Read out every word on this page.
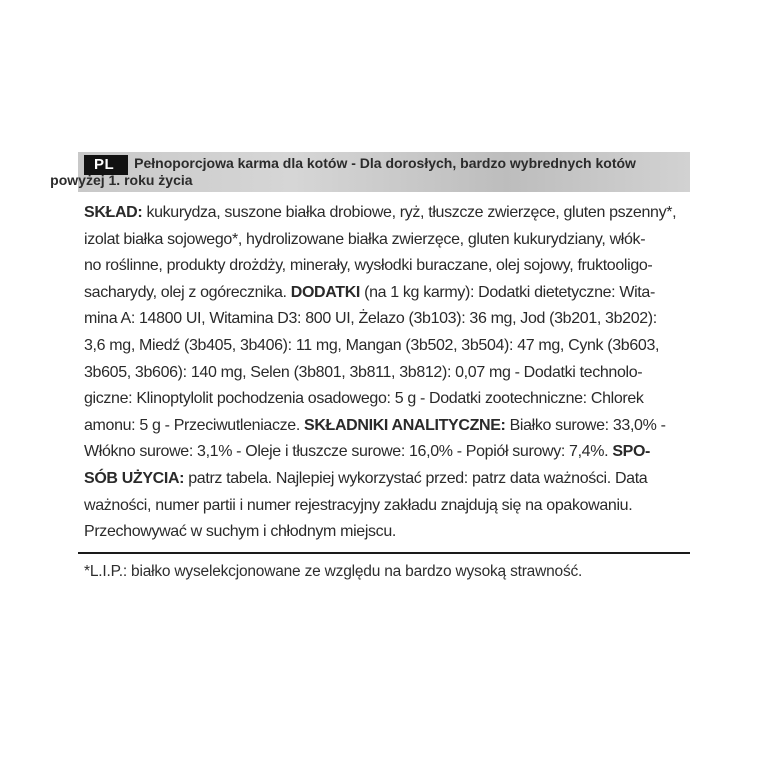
PL	Pełnoporcjowa karma dla kotów - Dla dorosłych, bardzo wybrednych kotów
powyżej 1. roku życia
SKŁAD: kukurydza, suszone białka drobiowe, ryż, tłuszcze zwierzęce, gluten pszenny*,
izolat białka sojowego*, hydrolizowane białka zwierzęce, gluten kukurydziany, włók-
no roślinne, produkty drożdży, minerały, wysłodki buraczane, olej sojowy, fruktooligo-
sacharydy, olej z ogórecznika. DODATKI (na 1 kg karmy): Dodatki dietetyczne: Wita-
mina A: 14800 UI, Witamina D3: 800 UI, Żelazo (3b103): 36 mg, Jod (3b201, 3b202):
3,6 mg, Miedź (3b405, 3b406): 11 mg, Mangan (3b502, 3b504): 47 mg, Cynk (3b603,
3b605, 3b606): 140 mg, Selen (3b801, 3b811, 3b812): 0,07 mg - Dodatki technolo-
giczne: Klinoptylolit pochodzenia osadowego: 5 g - Dodatki zootechniczne: Chlorek
amonu: 5 g - Przeciwutleniacze. SKŁADNIKI ANALITYCZNE: Białko surowe: 33,0% -
Włókno surowe: 3,1% - Oleje i tłuszcze surowe: 16,0% - Popiół surowy: 7,4%. SPO-
SÓB UŻYCIA: patrz tabela. Najlepiej wykorzystać przed: patrz data ważności. Data
ważności, numer partii i numer rejestracyjny zakładu znajdują się na opakowaniu.
Przechowywać w suchym i chłodnym miejscu.
*L.I.P.: białko wyselekcjonowane ze względu na bardzo wysoką strawność.
